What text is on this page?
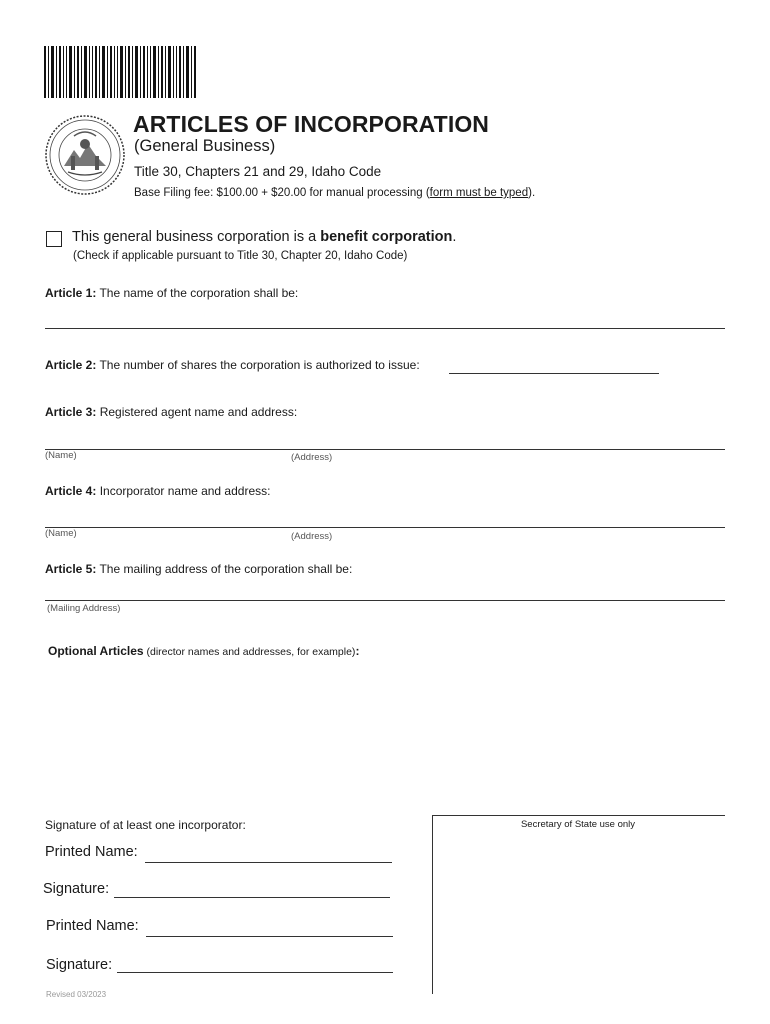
ARTICLES OF INCORPORATION
(General Business)
Title 30, Chapters 21 and 29, Idaho Code
Base Filing fee: $100.00 + $20.00 for manual processing (form must be typed).
This general business corporation is a benefit corporation.
(Check if applicable pursuant to Title 30, Chapter 20, Idaho Code)
Article 1: The name of the corporation shall be:
Article 2: The number of shares the corporation is authorized to issue:
Article 3: Registered agent name and address:
(Name)	(Address)
Article 4: Incorporator name and address:
(Name)	(Address)
Article 5: The mailing address of the corporation shall be:
(Mailing Address)
Optional Articles (director names and addresses, for example):
Signature of at least one incorporator:
Printed Name:
Signature:
Printed Name:
Signature:
Secretary of State use only
Revised 03/2023
